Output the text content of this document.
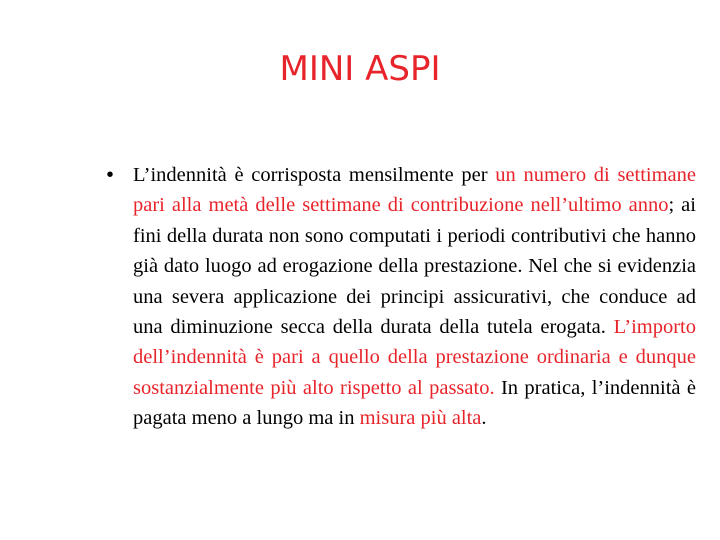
MINI ASPI
• L’indennità è corrisposta mensilmente per un numero di settimane pari alla metà delle settimane di contribuzione nell’ultimo anno; ai fini della durata non sono computati i periodi contributivi che hanno già dato luogo ad erogazione della prestazione. Nel che si evidenzia una severa applicazione dei principi assicurativi, che conduce ad una diminuzione secca della durata della tutela erogata. L’importo dell’indennità è pari a quello della prestazione ordinaria e dunque sostanzialmente più alto rispetto al passato. In pratica, l’indennità è pagata meno a lungo ma in misura più alta.
